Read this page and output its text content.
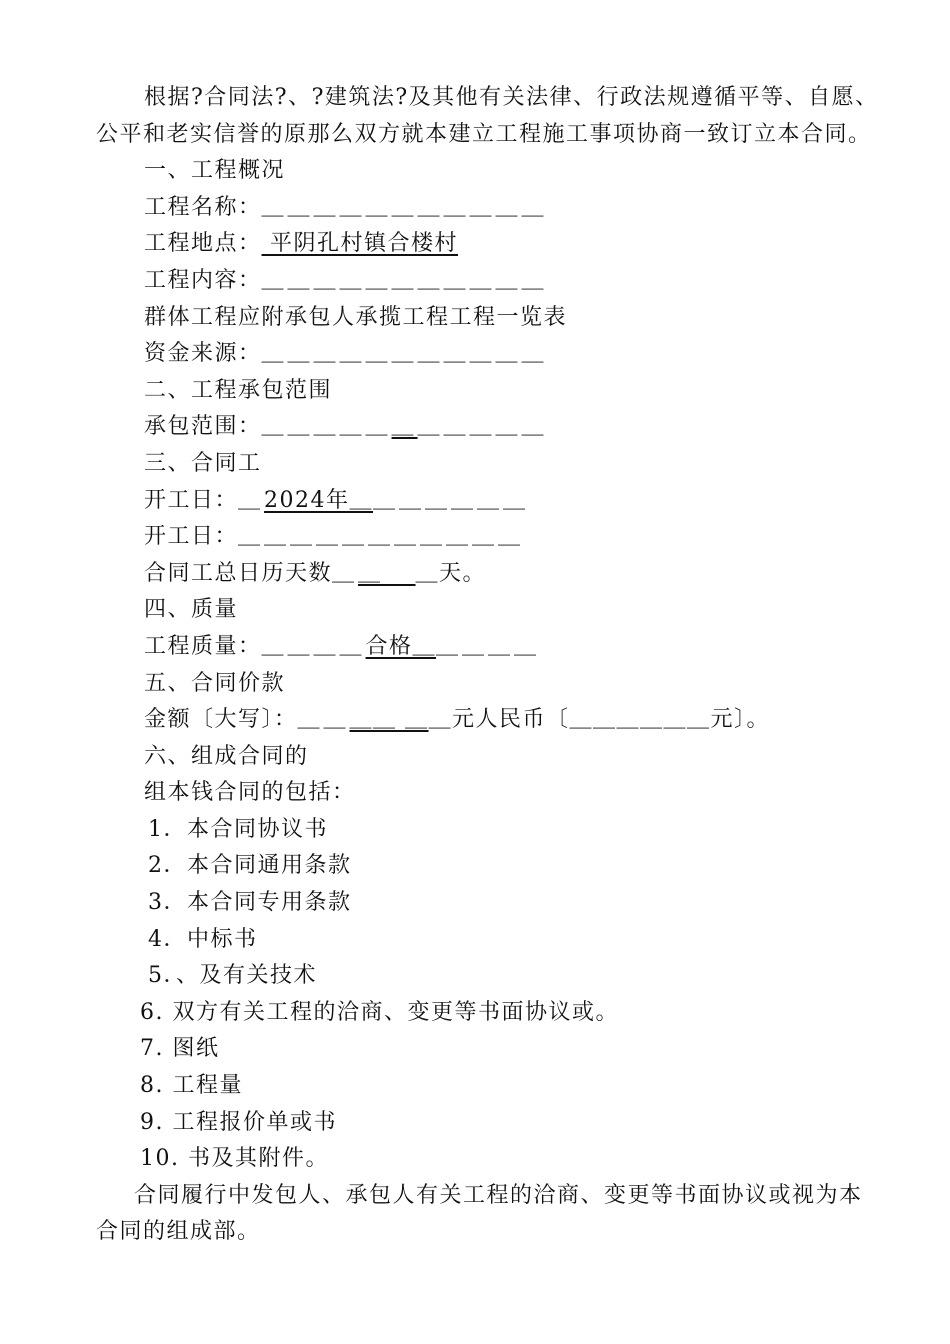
根据?合同法?、?建筑法?及其他有关法律、行政法规遵循平等、自愿、
公平和老实信誉的原那么双方就本建立工程施工事项协商一致订立本合同。
一、工程概况
工程名称：＿＿＿＿＿＿＿＿＿＿＿
工程地点： 平阴孔村镇合楼村
工程内容：＿＿＿＿＿＿＿＿＿＿＿
群体工程应附承包人承揽工程工程一览表
资金来源：＿＿＿＿＿＿＿＿＿＿＿
二、工程承包范围
承包范围：＿＿＿＿＿＿＿＿＿＿＿
三、合同工
开工日：＿2024年＿＿＿＿＿＿＿
开工日：＿＿＿＿＿＿＿＿＿＿＿
合同工总日历天数＿＿    ＿天。
四、质量
工程质量：＿＿＿＿合格＿＿＿＿＿
五、合同价款
金额〔大写〕：＿＿＿＿ ＿＿元人民币〔＿＿＿＿＿＿元〕。
六、组成合同的
组本钱合同的包括：
1．本合同协议书
2．本合同通用条款
3．本合同专用条款
4．中标书
5．、及有关技术
6. 双方有关工程的洽商、变更等书面协议或。
7. 图纸
8. 工程量
9. 工程报价单或书
10. 书及其附件。
合同履行中发包人、承包人有关工程的洽商、变更等书面协议或视为本
合同的组成部。
